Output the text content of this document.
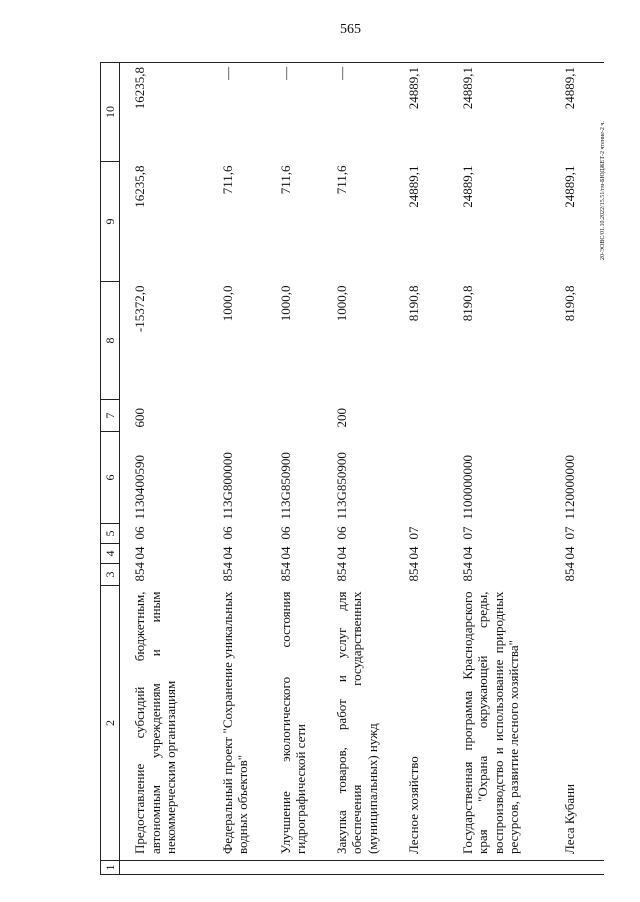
565
20-ЭОВС/01.10.2022/15.51/гм-БЮДЖЕТ-2 чтение-2 ч.
1	2	3	4	5	6	7	8	9	10
	Предоставление субсидий бюджетным, автономным учреждениям и иным некоммерческим организациям	854	04	06	1130400590	600	-15372,0	16235,8	16235,8
	Федеральный проект "Сохранение уникальных водных объектов"	854	04	06	113G800000		1000,0	711,6	—
	Улучшение экологического состояния гидрографической сети	854	04	06	113G850900		1000,0	711,6	—
	Закупка товаров, работ и услуг для обеспечения государственных (муниципальных) нужд	854	04	06	113G850900	200	1000,0	711,6	—
	Лесное хозяйство	854	04	07			8190,8	24889,1	24889,1
	Государственная программа Краснодарского края "Охрана окружающей среды, воспроизводство и использование природных ресурсов, развитие лесного хозяйства"	854	04	07	1100000000		8190,8	24889,1	24889,1
	Леса Кубани	854	04	07	1120000000		8190,8	24889,1	24889,1
